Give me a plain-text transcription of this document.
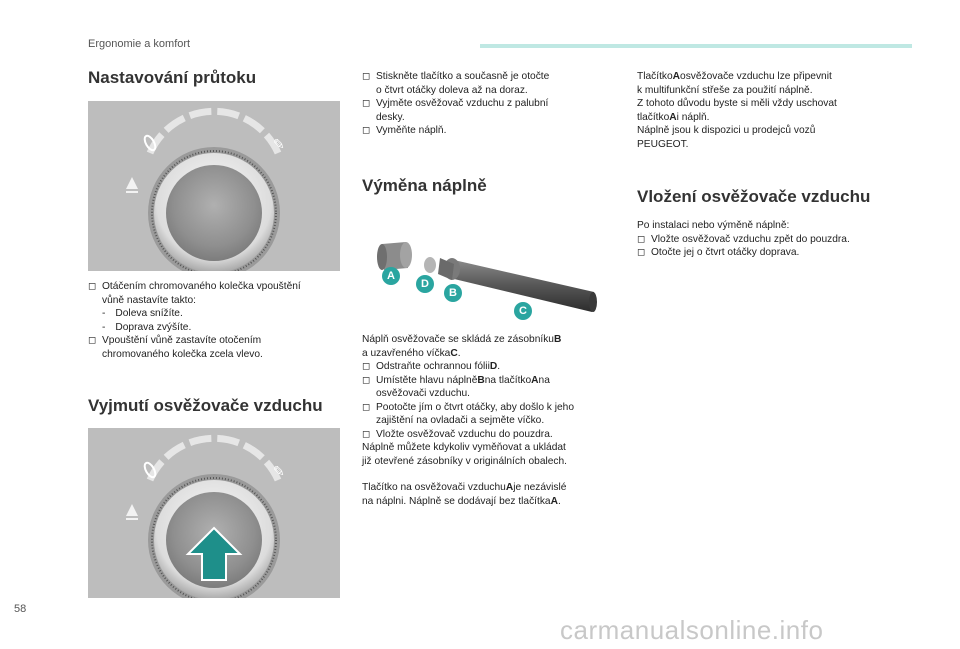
Ergonomie a komfort
Nastavování průtoku
✎
◻ Otáčením chromovaného kolečka vpouštění
vůně nastavíte takto:
- Doleva snížíte.
- Doprava zvýšíte.
◻ Vpouštění vůně zastavíte otočením
chromovaného kolečka zcela vlevo.
Vyjmutí osvěžovače vzduchu
✎
◻ Stiskněte tlačítko a současně je otočte
o čtvrt otáčky doleva až na doraz.
◻ Vyjměte osvěžovač vzduchu z palubní
desky.
◻ Vyměňte náplň.
Výměna náplně
A
D
B
C
Náplň osvěžovače se skládá ze zásobníku B
a uzavřeného víčka C .
◻ Odstraňte ochrannou fólii D .
◻ Umístěte hlavu náplně B na tlačítko A na
osvěžovači vzduchu.
◻ Pootočte jím o čtvrt otáčky, aby došlo k jeho
zajištění na ovladači a sejměte víčko.
◻ Vložte osvěžovač vzduchu do pouzdra.
Náplně můžete kdykoliv vyměňovat a ukládat
již otevřené zásobníky v originálních obalech.
Tlačítko na osvěžovači vzduchu A je nezávislé
na náplni. Náplně se dodávají bez tlačítka A .
Tlačítko A osvěžovače vzduchu lze připevnit
k multifunkční střeše za použití náplně.
Z tohoto důvodu byste si měli vždy uschovat
tlačítko A i náplň.
Náplně jsou k dispozici u prodejců vozů
PEUGEOT.
Vložení osvěžovače vzduchu
Po instalaci nebo výměně náplně:
◻ Vložte osvěžovač vzduchu zpět do pouzdra.
◻ Otočte jej o čtvrt otáčky doprava.
58
carmanualsonline.info
